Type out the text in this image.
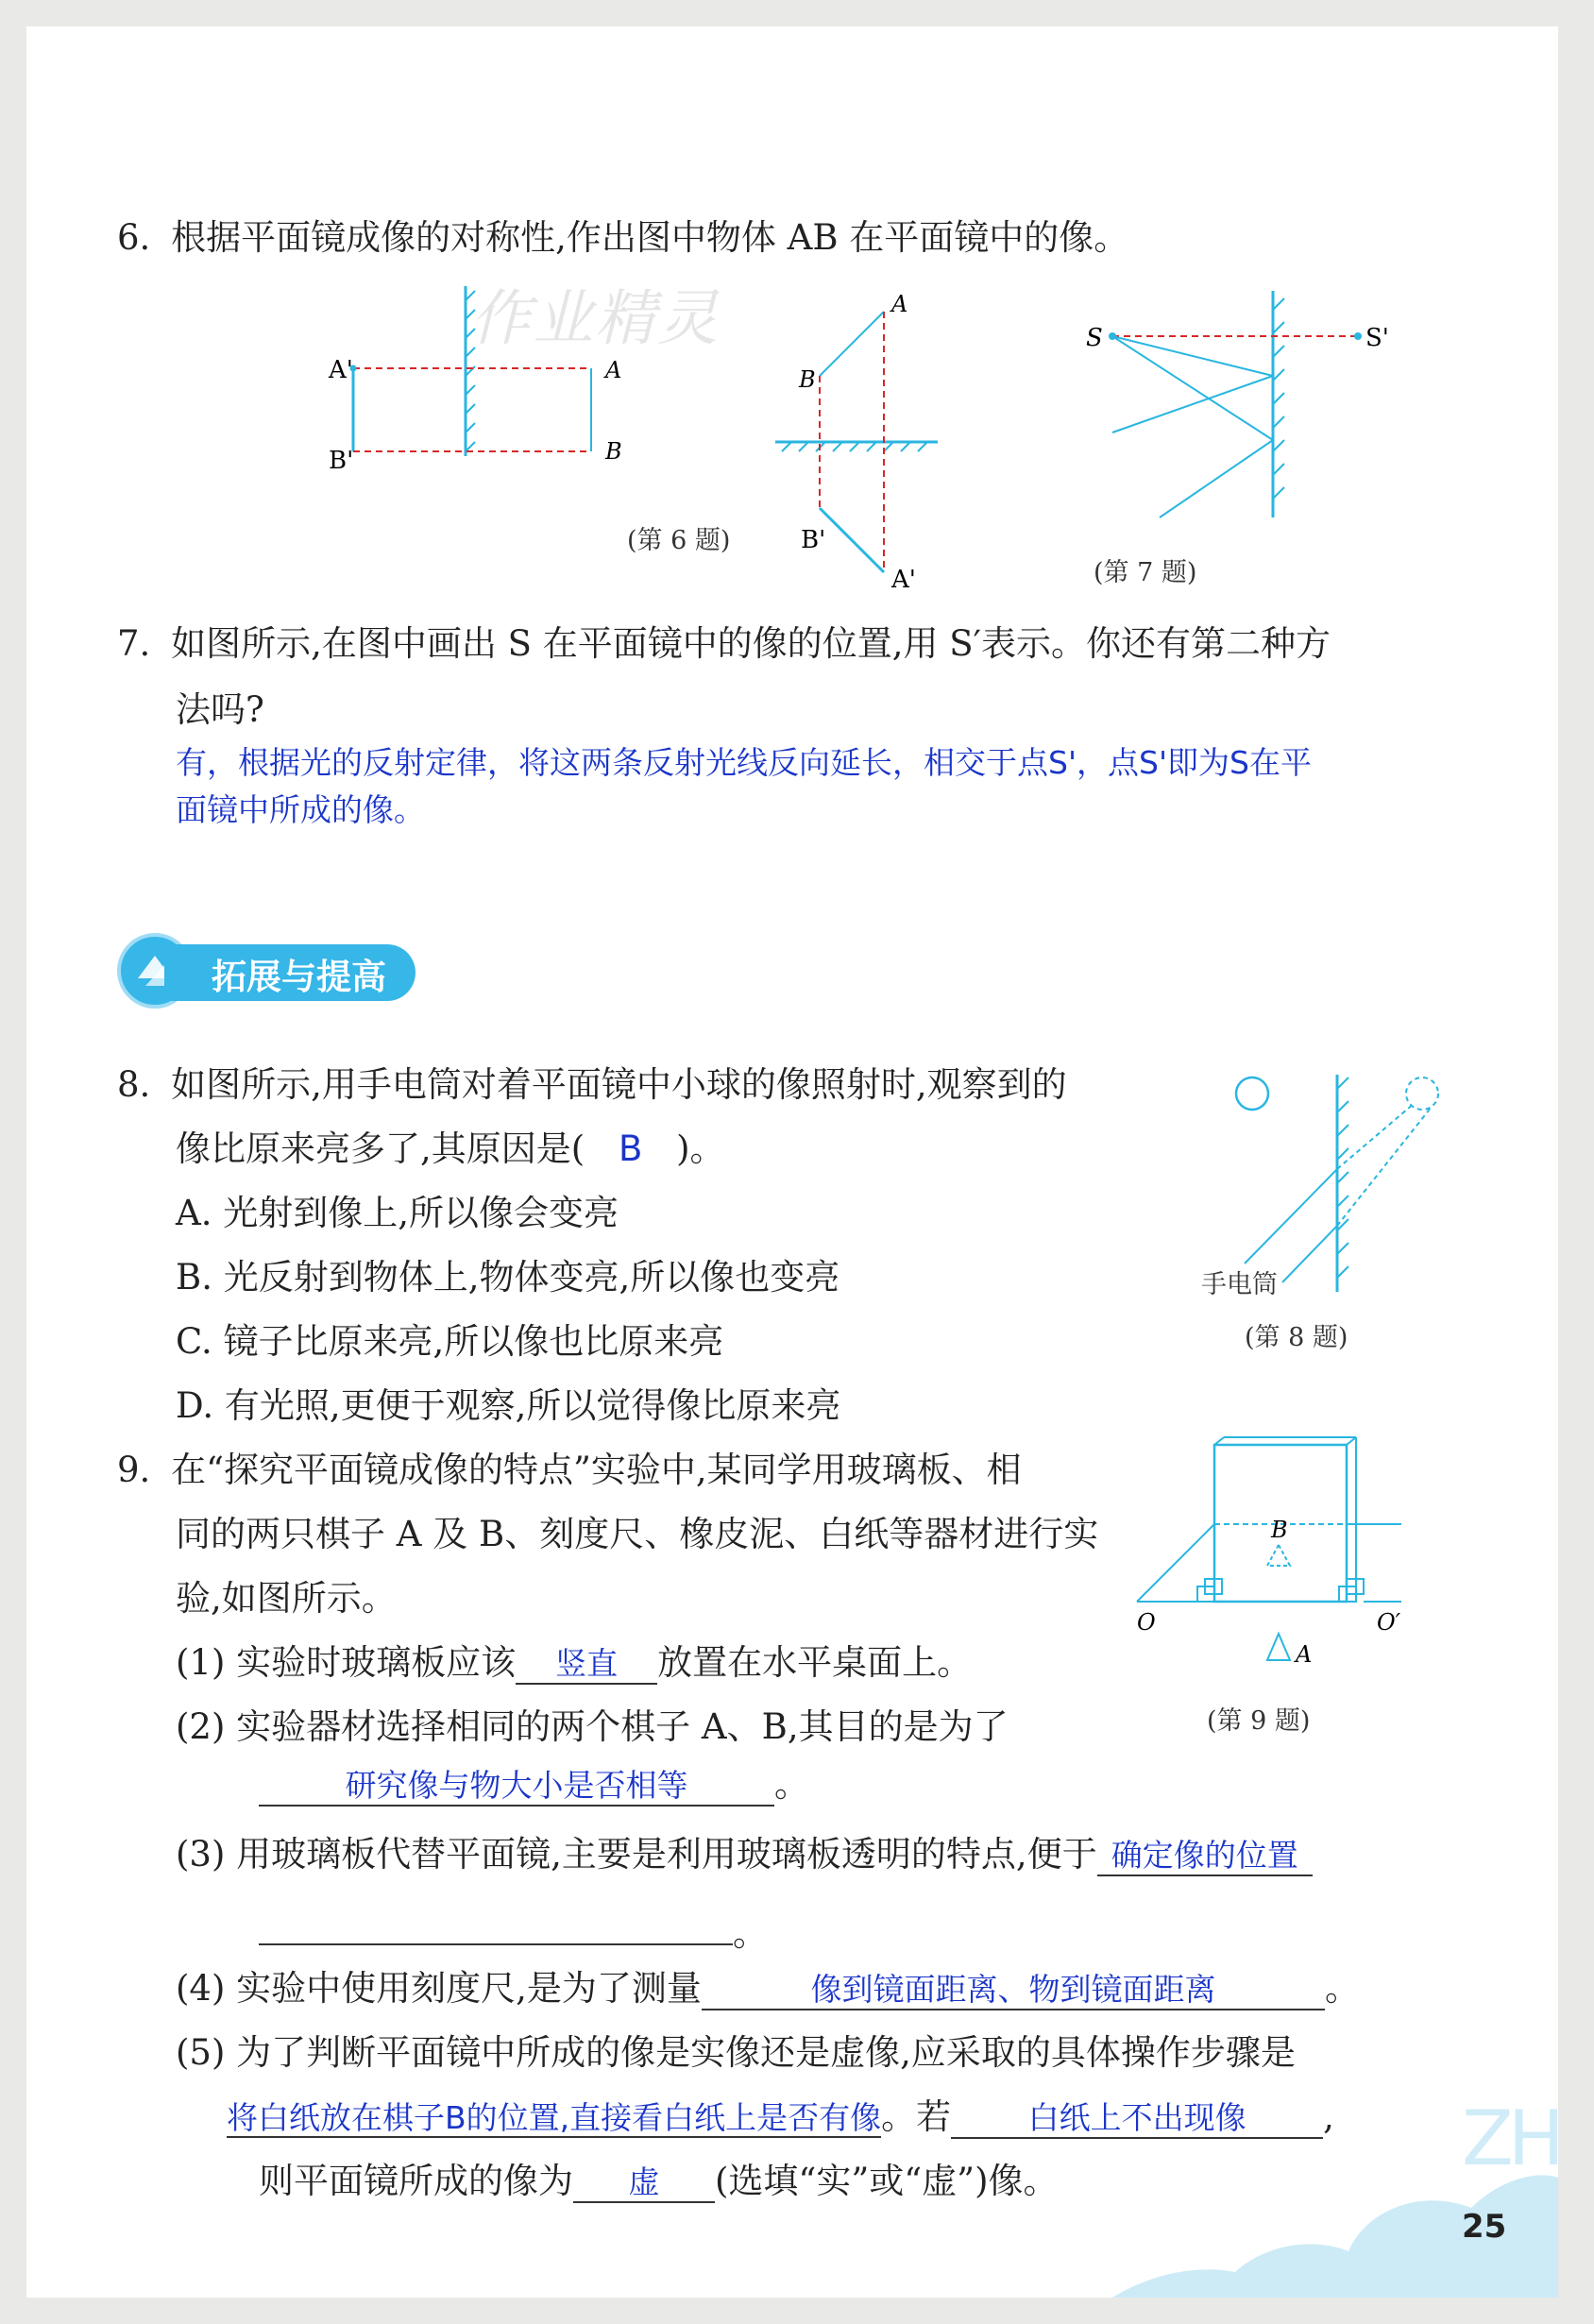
6. 根据平面镜成像的对称性,作出图中物体 AB 在平面镜中的像。
A'
B'
A
B
B
A
B'
A'
(第 6 题)
S	S'
(第 7 题)
作业精灵
7. 如图所示,在图中画出 S 在平面镜中的像的位置,用 S′表示。你还有第二种方
法吗?
有，根据光的反射定律，将这两条反射光线反向延长，相交于点S'，点S'即为S在平
面镜中所成的像。
拓展与提高
8. 如图所示,用手电筒对着平面镜中小球的像照射时,观察到的
像比原来亮多了,其原因是( B )。
A. 光射到像上,所以像会变亮
B. 光反射到物体上,物体变亮,所以像也变亮
C. 镜子比原来亮,所以像也比原来亮
D. 有光照,更便于观察,所以觉得像比原来亮
手电筒
(第 8 题)
9. 在“探究平面镜成像的特点”实验中,某同学用玻璃板、相
同的两只棋子 A 及 B、刻度尺、橡皮泥、白纸等器材进行实
验,如图所示。
(1) 实验时玻璃板应该 竖直 放置在水平桌面上。
(2) 实验器材选择相同的两个棋子 A、B,其目的是为了
研究像与物大小是否相等 。
(3) 用玻璃板代替平面镜,主要是利用玻璃板透明的特点,便于 确定像的位置
。
(4) 实验中使用刻度尺,是为了测量	像到镜面距离、物到镜面距离	。
(5) 为了判断平面镜中所成的像是实像还是虚像,应采取的具体操作步骤是
将白纸放在棋子B的位置,直接看白纸上是否有像。若 白纸上不出现像 ,
则平面镜所成的像为 虚 (选填“实”或“虚”)像。
B
O	O′
A
(第 9 题)
ZH
25
